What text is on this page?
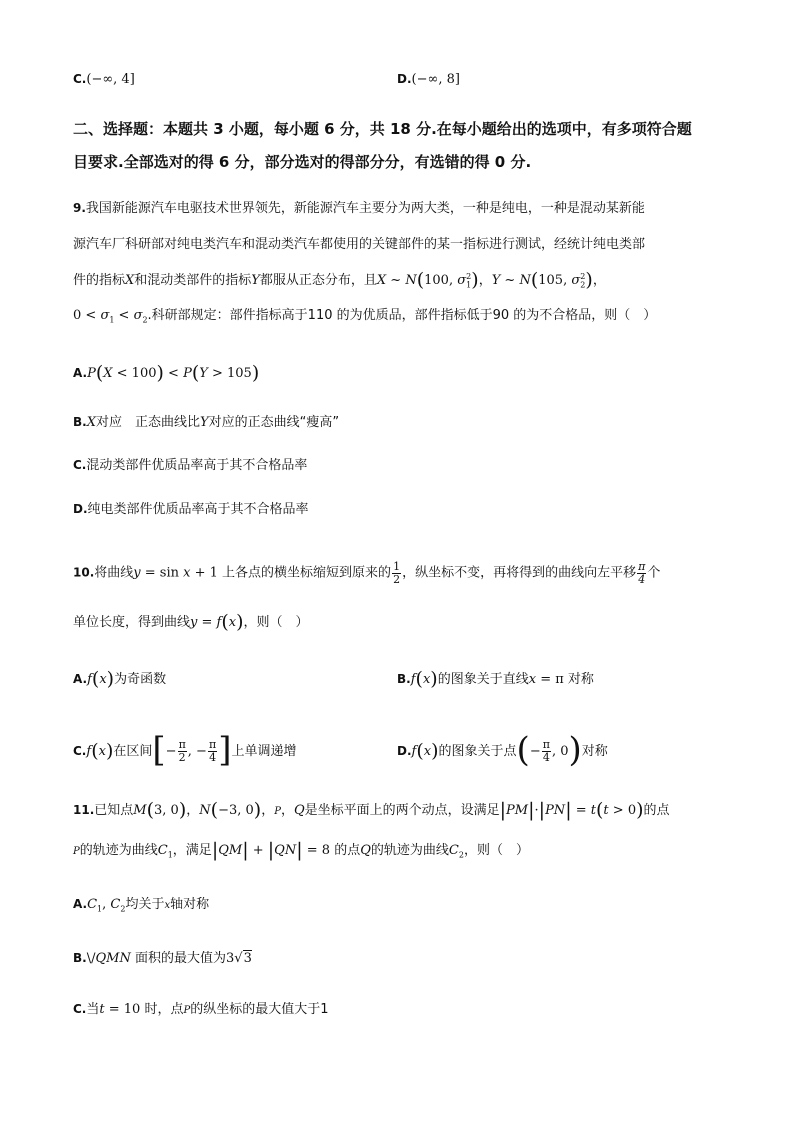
C.(−∞, 4]	D.(−∞, 8]
二、选择题：本题共 3 小题，每小题 6 分，共 18 分.在每小题给出的选项中，有多项符合题
目要求.全部选对的得 6 分，部分选对的得部分分，有选错的得 0 分.
9.我国新能源汽车电驱技术世界领先，新能源汽车主要分为两大类，一种是纯电，一种是混动某新能
源汽车厂科研部对纯电类汽车和混动类汽车都使用的关键部件的某一指标进行测试，经统计纯电类部
件的指标X和混动类部件的指标Y都服从正态分布，且X ~ N(100, $\sigma_1^2$)，Y ~ N(105, $\sigma_2^2$)，
$0 < \sigma_1 < \sigma_2$.科研部规定：部件指标高于110 的为优质品，部件指标低于90 的为不合格品，则（　）
A.P(X < 100) < P(Y > 105)
B.X对应　正态曲线比Y对应的正态曲线“瘦高”
C.混动类部件优质品率高于其不合格品率
D.纯电类部件优质品率高于其不合格品率
10.将曲线y = sin x + 1 上各点的横坐标缩短到原来的 $\frac{1}{2}$ ，纵坐标不变，再将得到的曲线向左平移 $\frac{\pi}{4}$ 个
单位长度，得到曲线y = f(x)，则（　）
A.f(x)为奇函数	B.f(x)的图象关于直线x = π 对称
C.f(x)在区间[− $\frac{\pi}{2}$ , − $\frac{\pi}{4}$ ]上单调递增	D.f(x)的图象关于点(− $\frac{\pi}{4}$ , 0)对称
11.已知点M(3, 0)，N(−3, 0)，P，Q是坐标平面上的两个动点，设满足|PM|·|PN| = t(t > 0)的点
P的轨迹为曲线$C_1$，满足|QM| + |QN| = 8 的点Q的轨迹为曲线$C_2$，则（　）
$A.C_1$, $C_2$均关于x轴对称
B.\/QMN 面积的最大值为3√3
C.当t = 10 时，点P的纵坐标的最大值大于1
